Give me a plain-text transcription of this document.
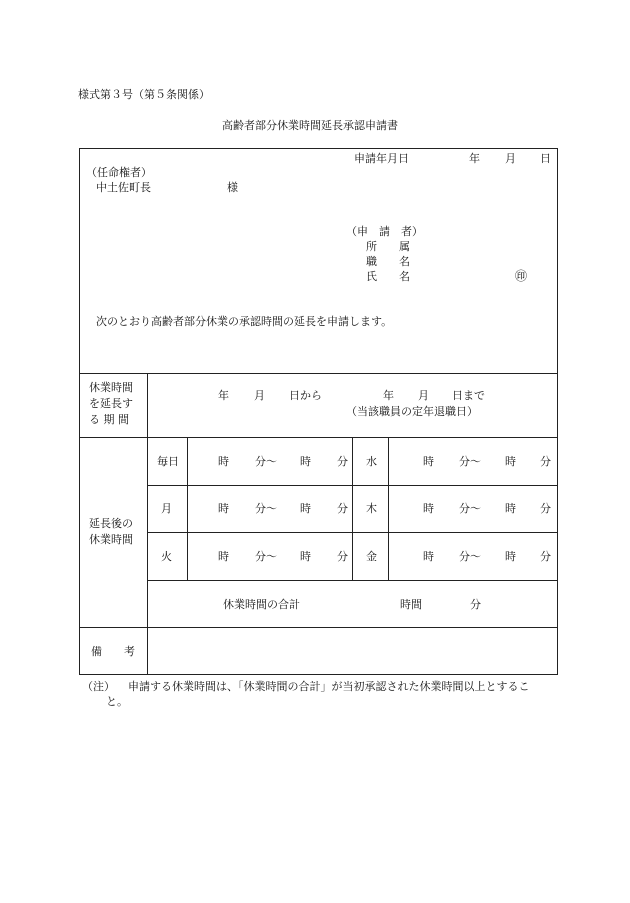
様式第３号（第５条関係）
高齢者部分休業時間延長承認申請書
申請年月日	年 月 日
（任命権者）
中土佐町長	様
（申　請　者）
所　　属
職　　名
氏　　名	㊞
次のとおり高齢者部分休業の承認時間の延長を申請します。
休業時間
を延長す
る 期 間
年 月 日から	年 月 日まで
（当該職員の定年退職日）
延長後の
休業時間
毎日	時 分～ 時 分 水	時 分～ 時 分
月	時 分～ 時 分 木	時 分～ 時 分
火	時 分～ 時 分 金	時 分～ 時 分
休業時間の合計	時間	分
備　　考
（注） 申請する休業時間は、「休業時間の合計」が当初承認された休業時間以上とするこ
と。
